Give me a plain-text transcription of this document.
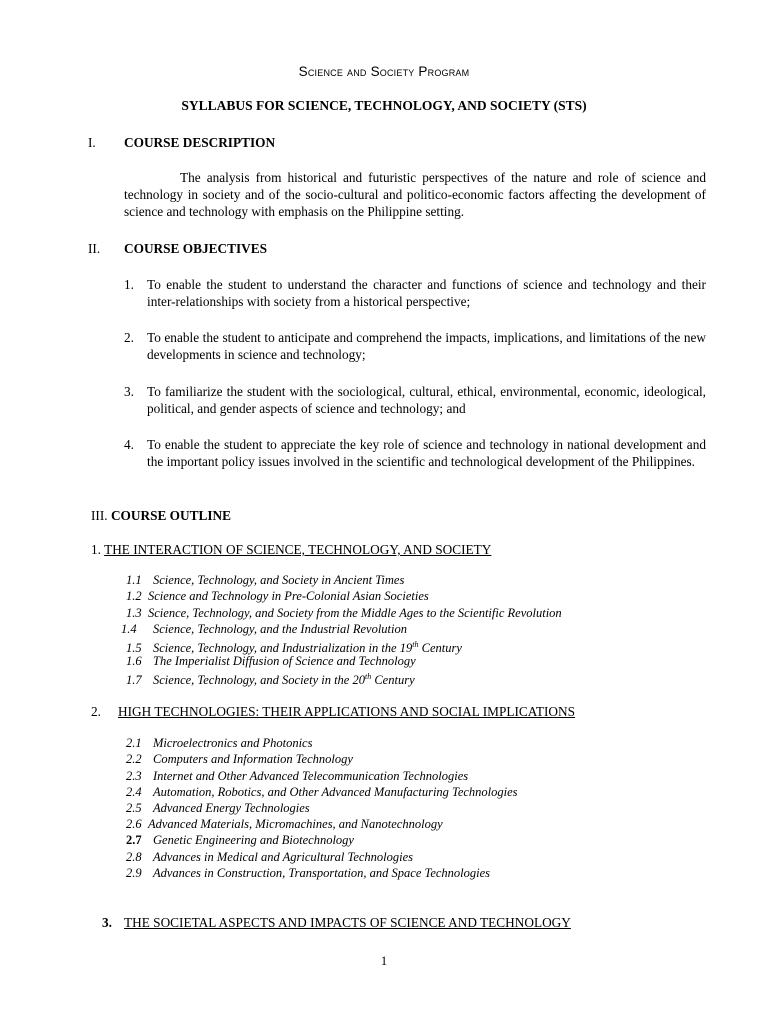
Science and Society Program
SYLLABUS FOR SCIENCE, TECHNOLOGY, AND SOCIETY (STS)
I. COURSE DESCRIPTION
The analysis from historical and futuristic perspectives of the nature and role of science and technology in society and of the socio-cultural and politico-economic factors affecting the development of science and technology with emphasis on the Philippine setting.
II. COURSE OBJECTIVES
1. To enable the student to understand the character and functions of science and technology and their inter-relationships with society from a historical perspective;
2. To enable the student to anticipate and comprehend the impacts, implications, and limitations of the new developments in science and technology;
3. To familiarize the student with the sociological, cultural, ethical, environmental, economic, ideological, political, and gender aspects of science and technology; and
4. To enable the student to appreciate the key role of science and technology in national development and the important policy issues involved in the scientific and technological development of the Philippines.
III. COURSE OUTLINE
1. THE INTERACTION OF SCIENCE, TECHNOLOGY, AND SOCIETY
1.1 Science, Technology, and Society in Ancient Times
1.2 Science and Technology in Pre-Colonial Asian Societies
1.3 Science, Technology, and Society from the Middle Ages to the Scientific Revolution
1.4 Science, Technology, and the Industrial Revolution
1.5 Science, Technology, and Industrialization in the 19th Century
1.6 The Imperialist Diffusion of Science and Technology
1.7 Science, Technology, and Society in the 20th Century
2. HIGH TECHNOLOGIES: THEIR APPLICATIONS AND SOCIAL IMPLICATIONS
2.1 Microelectronics and Photonics
2.2 Computers and Information Technology
2.3 Internet and Other Advanced Telecommunication Technologies
2.4 Automation, Robotics, and Other Advanced Manufacturing Technologies
2.5 Advanced Energy Technologies
2.6 Advanced Materials, Micromachines, and Nanotechnology
2.7 Genetic Engineering and Biotechnology
2.8 Advances in Medical and Agricultural Technologies
2.9 Advances in Construction, Transportation, and Space Technologies
3. THE SOCIETAL ASPECTS AND IMPACTS OF SCIENCE AND TECHNOLOGY
1
